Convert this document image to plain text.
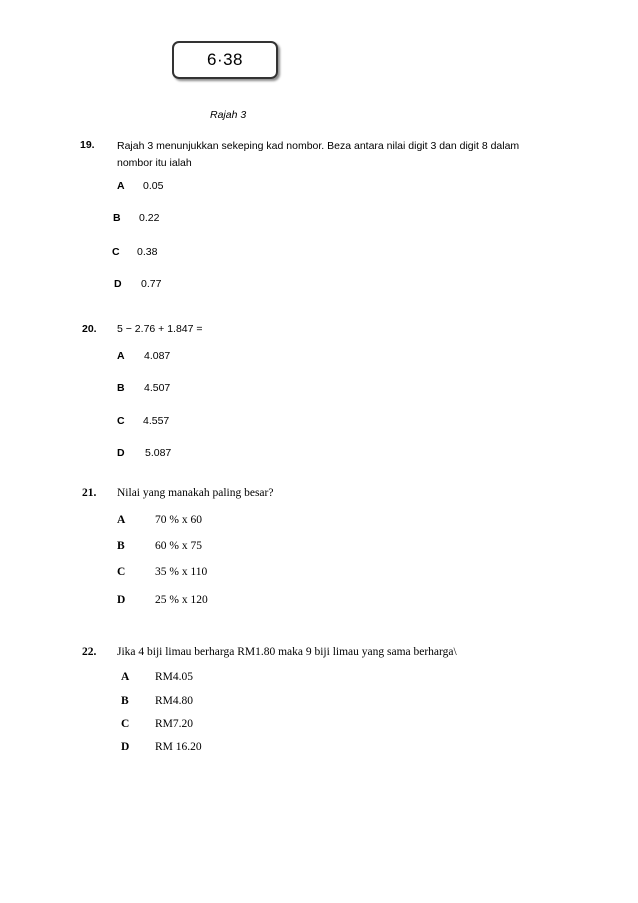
6·38
Rajah 3
19. Rajah 3 menunjukkan sekeping kad nombor. Beza antara nilai digit 3 dan digit 8 dalam
nombor itu ialah
A 0.05
B 0.22
C 0.38
D 0.77
20. 5 − 2.76 + 1.847 =
A 4.087
B 4.507
C 4.557
D 5.087
21. Nilai yang manakah paling besar?
A	70 % x 60
B	60 % x 75
C	35 % x 110
D	25 % x 120
22. Jika 4 biji limau berharga RM1.80 maka 9 biji limau yang sama berharga\
A RM4.05
B RM4.80
C RM7.20
D RM 16.20
